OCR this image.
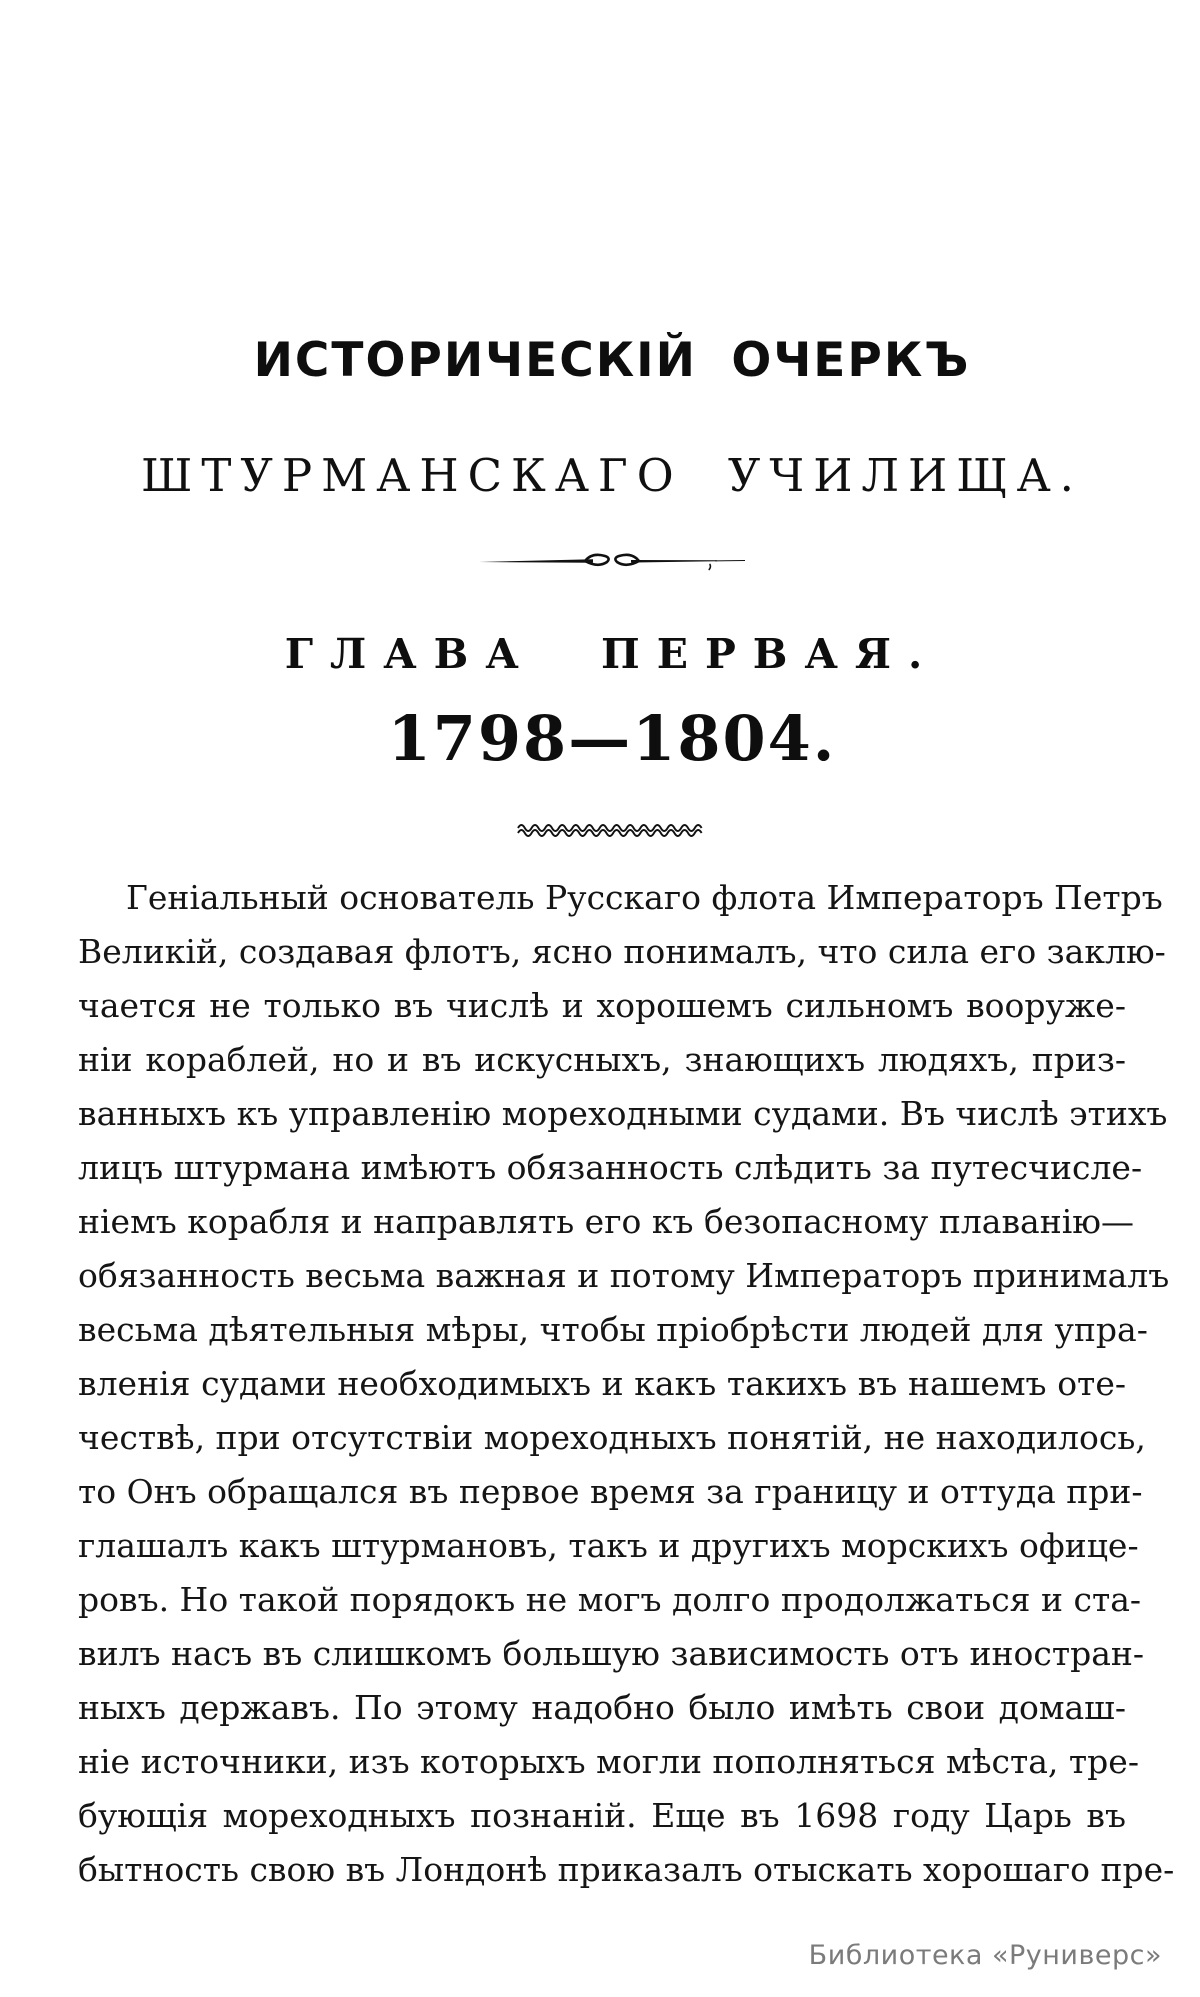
ИСТОРИЧЕСКІЙ ОЧЕРКЪ
ШТУРМАНСКАГО УЧИЛИЩА.
ГЛАВА ПЕРВАЯ.
1798—1804.
Геніальный основатель Русскаго флота Императоръ Петръ
Великій, создавая флотъ, ясно понималъ, что сила его заклю-
чается не только въ числѣ и хорошемъ сильномъ вооруже-
ніи кораблей, но и въ искусныхъ, знающихъ людяхъ, приз-
ванныхъ къ управленію мореходными судами. Въ числѣ этихъ
лицъ штурмана имѣютъ обязанность слѣдить за путесчисле-
ніемъ корабля и направлять его къ безопасному плаванію—
обязанность весьма важная и потому Императоръ принималъ
весьма дѣятельныя мѣры, чтобы пріобрѣсти людей для упра-
вленія судами необходимыхъ и какъ такихъ въ нашемъ оте-
чествѣ, при отсутствіи мореходныхъ понятій, не находилось,
то Онъ обращался въ первое время за границу и оттуда при-
глашалъ какъ штурмановъ, такъ и другихъ морскихъ офице-
ровъ. Но такой порядокъ не могъ долго продолжаться и ста-
вилъ насъ въ слишкомъ большую зависимость отъ иностран-
ныхъ державъ. По этому надобно было имѣть свои домаш-
ніе источники, изъ которыхъ могли пополняться мѣста, тре-
бующія мореходныхъ познаній. Еще въ 1698 году Царь въ
бытность свою въ Лондонѣ приказалъ отыскать хорошаго пре-
Библиотека «Руниверс»
